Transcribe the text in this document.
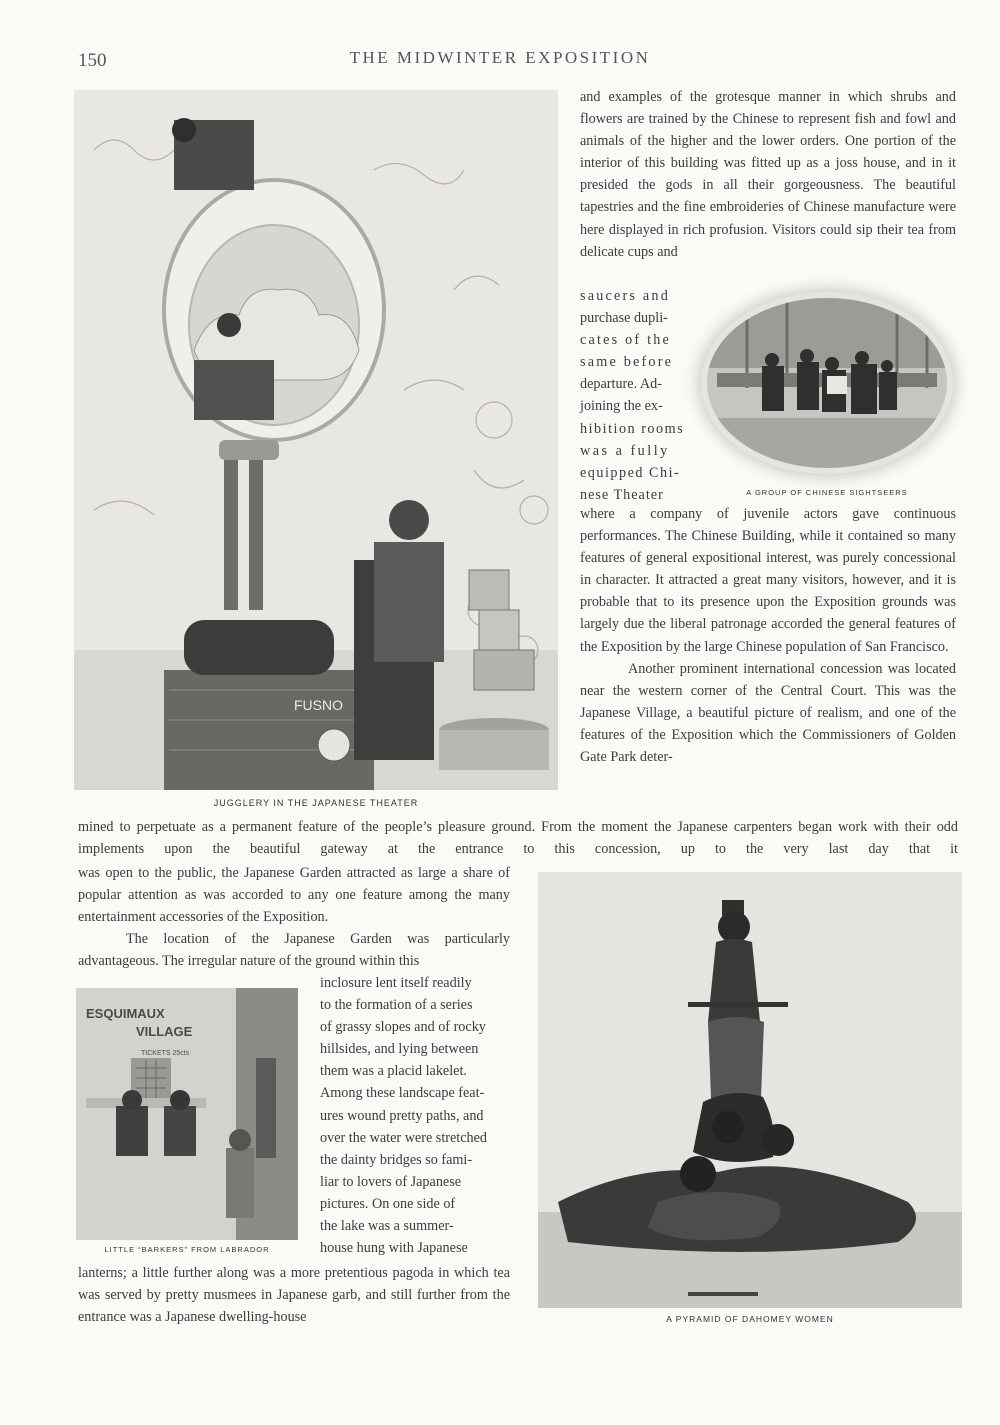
150	THE MIDWINTER EXPOSITION
FUSNO
JUGGLERY IN THE JAPANESE THEATER
and examples of the grotesque manner in which shrubs and flowers are trained by the Chinese to represent fish and fowl and animals of the higher and the lower orders. One portion of the interior of this building was fitted up as a joss house, and in it presided the gods in all their gorgeousness. The beautiful tapestries and the fine embroideries of Chinese manufacture were here displayed in rich profusion. Visitors could sip their tea from delicate cups and
saucers and
purchase dupli-
cates of the
same before
departure. Ad-
joining the ex-
hibition rooms
was a fully
equipped Chi-
nese Theater	A GROUP OF CHINESE SIGHTSEERS

where a company of juvenile actors gave continuous performances. The Chinese Building, while it contained so many features of general expositional interest, was purely concessional in character. It attracted a great many visitors, however, and it is probable that to its presence upon the Exposition grounds was largely due the liberal patronage accorded the general features of the Exposition by the large Chinese population of San Francisco.

Another prominent international concession was located near the western corner of the Central Court. This was the Japanese Village, a beautiful picture of realism, and one of the features of the Exposition which the Commissioners of Golden Gate Park deter-

mined to perpetuate as a permanent feature of the people’s pleasure ground. From the moment the Japanese carpenters began work with their odd implements upon the beautiful gateway at the entrance to this concession, up to the very last day that it

was open to the public, the Japanese Garden attracted as large a share of popular attention as was accorded to any one feature among the many entertainment accessories of the Exposition.

The location of the Japanese Garden was particularly advantageous. The irregular nature of the ground within this

ESQUIMAUX
VILLAGE
TICKETS 25cts
LITTLE “BARKERS” FROM LABRADOR
inclosure lent itself readily
to the formation of a series
of grassy slopes and of rocky
hillsides, and lying between
them was a placid lakelet.
Among these landscape feat-
ures wound pretty paths, and
over the water were stretched
the dainty bridges so fami-
liar to lovers of Japanese
pictures. On one side of
the lake was a summer-
house hung with Japanese
lanterns; a little further along was a more pretentious pagoda in which tea was served by pretty musmees in Japanese garb, and still further from the entrance was a Japanese dwelling-house	A PYRAMID OF DAHOMEY WOMEN
